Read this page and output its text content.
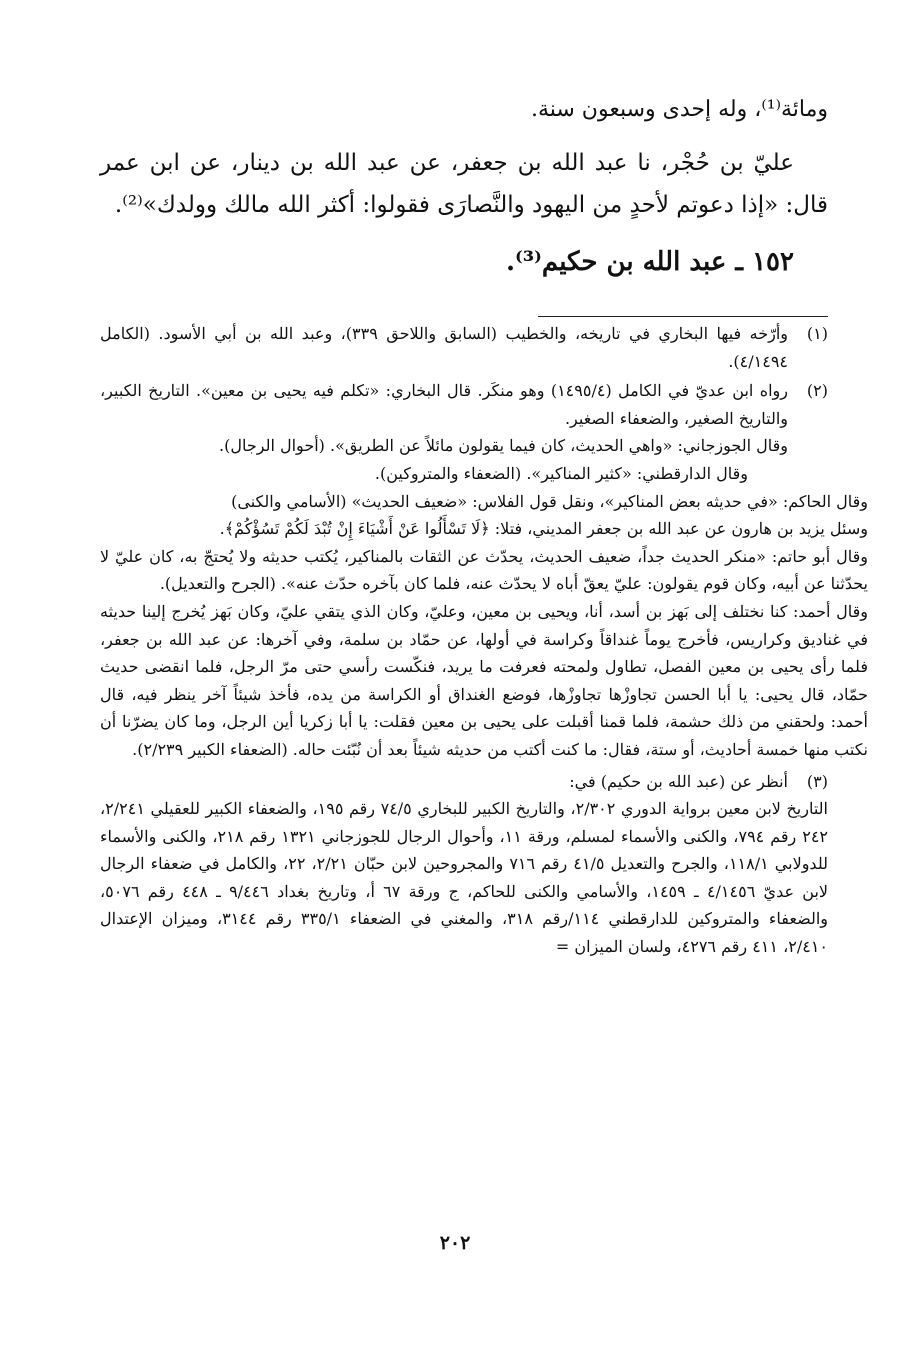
ومائة⁽¹⁾، وله إحدى وسبعون سنة.

عليّ بن حُجْر، نا عبد الله بن جعفر، عن عبد الله بن دينار، عن ابن عمر قال: «إذا دعوتم لأحدٍ من اليهود والنَّصارَى فقولوا: أكثر الله مالك وولدك»⁽²⁾.

١٥٢ ـ عبد الله بن حكيم⁽³⁾.

(١)

وأرّخه فيها البخاري في تاريخه، والخطيب (السابق واللاحق ٣٣٩)، وعبد الله بن أبي الأسود. (الكامل ٤/١٤٩٤).

(٢)

رواه ابن عديّ في الكامل (١٤٩٥/٤) وهو منكَر. قال البخاري: «تكلم فيه يحيى بن معين». التاريخ الكبير، والتاريخ الصغير، والضعفاء الصغير.

وقال الجوزجاني: «واهي الحديث، كان فيما يقولون مائلاً عن الطريق». (أحوال الرجال).

وقال الدارقطني: «كثير المناكير». (الضعفاء والمتروكين).

وقال الحاكم: «في حديثه بعض المناكير»، ونقل قول الفلاس: «ضعيف الحديث» (الأسامي والكنى)

وسئل يزيد بن هارون عن عبد الله بن جعفر المديني، فتلا: ﴿لَا تَسْأَلُوا عَنْ أَشْيَاءَ إِنْ تُبْدَ لَكُمْ تَسُؤْكُمْ﴾.

وقال أبو حاتم: «منكر الحديث جداً، ضعيف الحديث، يحدّث عن الثقات بالمناكير، يُكتب حديثه ولا يُحتجّ به، كان عليّ لا يحدّثنا عن أبيه، وكان قوم يقولون: عليّ يعقّ أباه لا يحدّث عنه، فلما كان بآخره حدّث عنه». (الجرح والتعديل).

وقال أحمد: كنا نختلف إلى بَهز بن أسد، أنا، ويحيى بن معين، وعليّ، وكان الذي يتقي عليّ، وكان بَهز يُخرج إلينا حديثه في غناديق وكراريس، فأخرج يوماً غنداقاً وكراسة في أولها، عن حمّاد بن سلمة، وفي آخرها: عن عبد الله بن جعفر، فلما رأى يحيى بن معين الفصل، تطاول ولمحته فعرفت ما يريد، فنكّست رأسي حتى مرّ الرجل، فلما انقضى حديث حمّاد، قال يحيى: يا أبا الحسن تجاوزْها تجاوزْها، فوضع الغنداق أو الكراسة من يده، فأخذ شيئاً آخر ينظر فيه، قال أحمد: ولحقني من ذلك حشمة، فلما قمنا أقبلت على يحيى بن معين فقلت: يا أبا زكريا أين الرجل، وما كان يضرّنا أن نكتب منها خمسة أحاديث، أو ستة، فقال: ما كنت أكتب من حديثه شيئاً بعد أن نُبّئت حاله. (الضعفاء الكبير ٢/٢٣٩).

(٣)

أنظر عن (عبد الله بن حكيم) في:

التاريخ لابن معين برواية الدوري ٢/٣٠٢، والتاريخ الكبير للبخاري ٧٤/٥ رقم ١٩٥، والضعفاء الكبير للعقيلي ٢/٢٤١، ٢٤٢ رقم ٧٩٤، والكنى والأسماء لمسلم، ورقة ١١، وأحوال الرجال للجوزجاني ١٣٢١ رقم ٢١٨، والكنى والأسماء للدولابي ١١٨/١، والجرح والتعديل ٤١/٥ رقم ٧١٦ والمجروحين لابن حبّان ٢/٢١، ٢٢، والكامل في ضعفاء الرجال لابن عديّ ٤/١٤٥٦ ـ ١٤٥٩، والأسامي والكنى للحاكم، ج ورقة ٦٧ أ، وتاريخ بغداد ٩/٤٤٦ ـ ٤٤٨ رقم ٥٠٧٦، والضعفاء والمتروكين للدارقطني ١١٤/رقم ٣١٨، والمغني في الضعفاء ٣٣٥/١ رقم ٣١٤٤، وميزان الإعتدال ٢/٤١٠، ٤١١ رقم ٤٢٧٦، ولسان الميزان =

٢٠٢
